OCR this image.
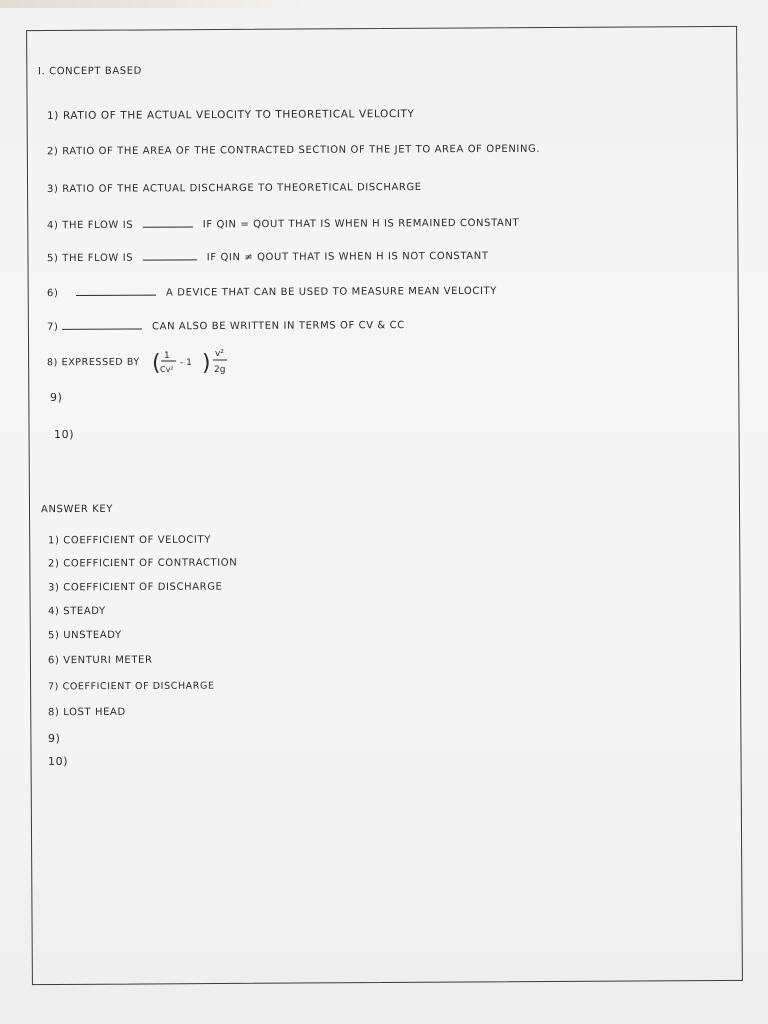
I. CONCEPT BASED
1) RATIO OF THE ACTUAL VELOCITY TO THEORETICAL VELOCITY
2) RATIO OF THE AREA OF THE CONTRACTED SECTION OF THE JET TO AREA OF OPENING.
3) RATIO OF THE ACTUAL DISCHARGE TO THEORETICAL DISCHARGE
4) THE FLOW IS	IF QIN = QOUT THAT IS WHEN H IS REMAINED CONSTANT
5) THE FLOW IS	IF QIN ≠ QOUT THAT IS WHEN H IS NOT CONSTANT
6)	A DEVICE THAT CAN BE USED TO MEASURE MEAN VELOCITY
7)	CAN ALSO BE WRITTEN IN TERMS OF CV & CC
8) EXPRESSED BY ( 1
Cv²
- 1 ) v²
2g
9)
10)
ANSWER KEY
1) COEFFICIENT OF VELOCITY
2) COEFFICIENT OF CONTRACTION
3) COEFFICIENT OF DISCHARGE
4) STEADY
5) UNSTEADY
6) VENTURI METER
7) COEFFICIENT OF DISCHARGE
8) LOST HEAD
9)
10)
